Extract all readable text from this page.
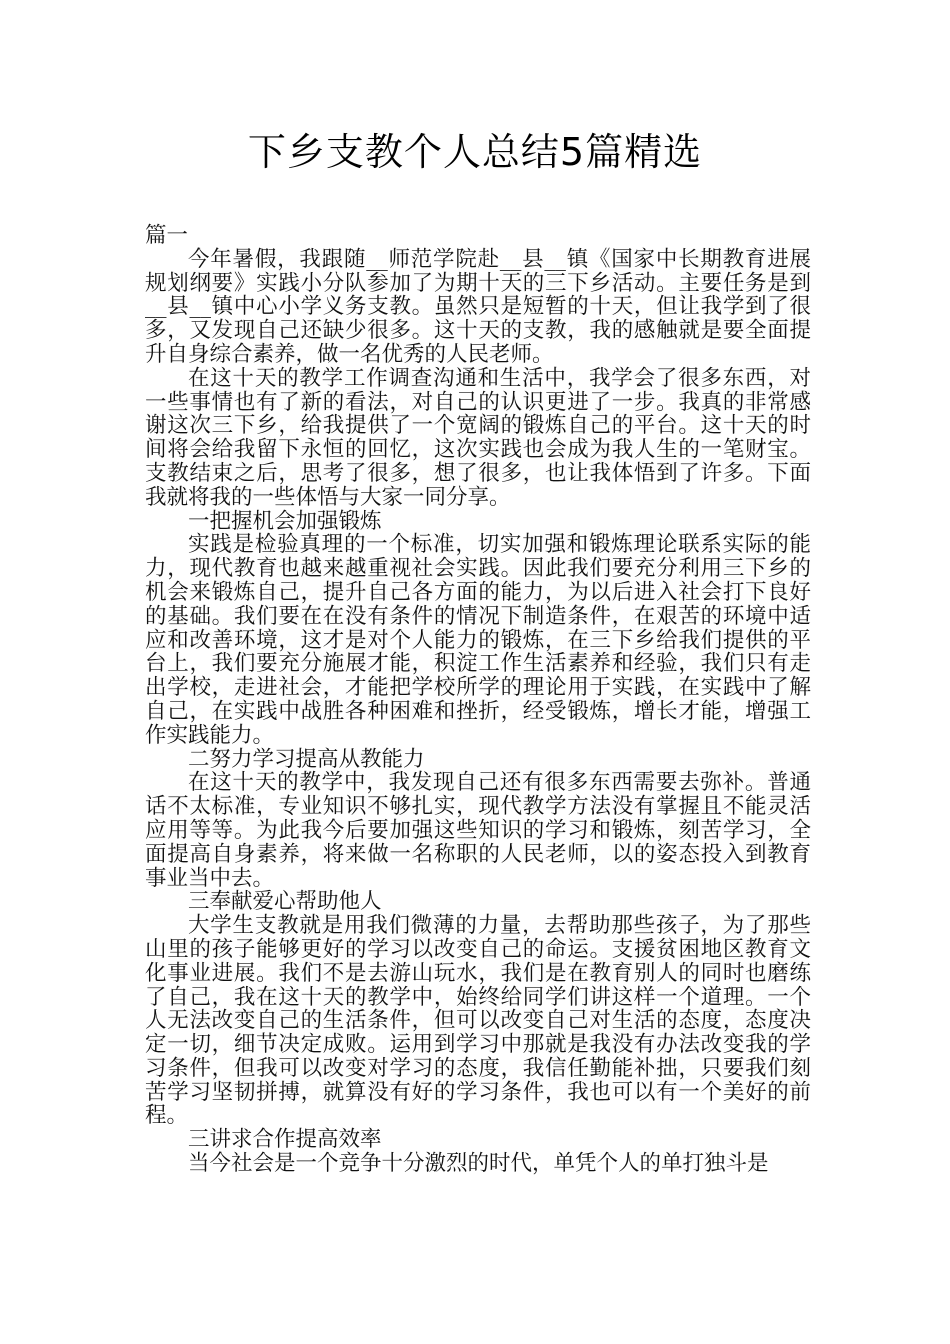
下乡支教个人总结5篇精选

篇一

今年暑假，我跟随__师范学院赴__县__镇《国家中长期教育进展规划纲要》实践小分队参加了为期十天的三下乡活动。主要任务是到__县__镇中心小学义务支教。虽然只是短暂的十天，但让我学到了很多，又发现自己还缺少很多。这十天的支教，我的感触就是要全面提升自身综合素养，做一名优秀的人民老师。

在这十天的教学工作调查沟通和生活中，我学会了很多东西，对一些事情也有了新的看法，对自己的认识更进了一步。我真的非常感谢这次三下乡，给我提供了一个宽阔的锻炼自己的平台。这十天的时间将会给我留下永恒的回忆，这次实践也会成为我人生的一笔财宝。支教结束之后，思考了很多，想了很多，也让我体悟到了许多。下面我就将我的一些体悟与大家一同分享。

一把握机会加强锻炼

实践是检验真理的一个标准，切实加强和锻炼理论联系实际的能力，现代教育也越来越重视社会实践。因此我们要充分利用三下乡的机会来锻炼自己，提升自己各方面的能力，为以后进入社会打下良好的基础。我们要在在没有条件的情况下制造条件，在艰苦的环境中适应和改善环境，这才是对个人能力的锻炼，在三下乡给我们提供的平台上，我们要充分施展才能，积淀工作生活素养和经验，我们只有走出学校，走进社会，才能把学校所学的理论用于实践，在实践中了解自己，在实践中战胜各种困难和挫折，经受锻炼，增长才能，增强工作实践能力。

二努力学习提高从教能力

在这十天的教学中，我发现自己还有很多东西需要去弥补。普通话不太标准，专业知识不够扎实，现代教学方法没有掌握且不能灵活应用等等。为此我今后要加强这些知识的学习和锻炼，刻苦学习，全面提高自身素养，将来做一名称职的人民老师，以的姿态投入到教育事业当中去。

三奉献爱心帮助他人

大学生支教就是用我们微薄的力量，去帮助那些孩子，为了那些山里的孩子能够更好的学习以改变自己的命运。支援贫困地区教育文化事业进展。我们不是去游山玩水，我们是在教育别人的同时也磨练了自己，我在这十天的教学中，始终给同学们讲这样一个道理。一个人无法改变自己的生活条件，但可以改变自己对生活的态度，态度决定一切，细节决定成败。运用到学习中那就是我没有办法改变我的学习条件，但我可以改变对学习的态度，我信任勤能补拙，只要我们刻苦学习坚韧拼搏，就算没有好的学习条件，我也可以有一个美好的前程。

三讲求合作提高效率

当今社会是一个竞争十分激烈的时代，单凭个人的单打独斗是
